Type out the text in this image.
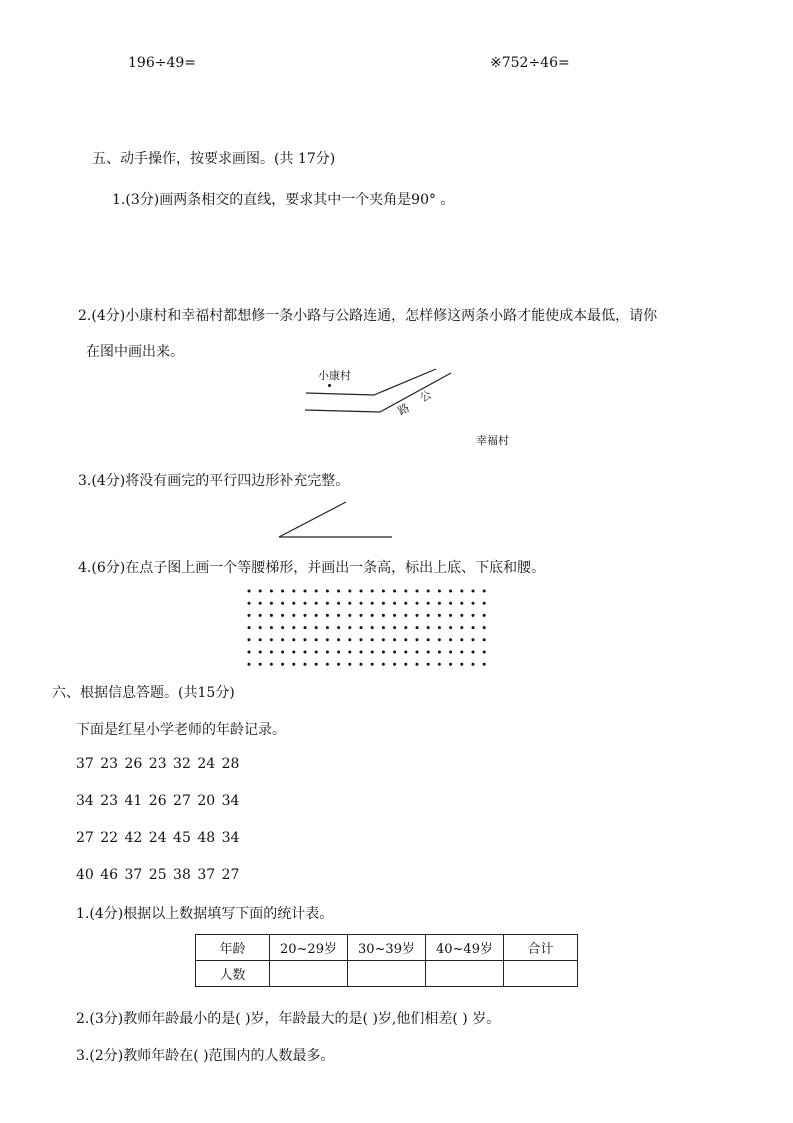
196÷49=	※752÷46=
五、动手操作，按要求画图。(共 17分)
1.(3分)画两条相交的直线，要求其中一个夹角是90° 。
2.(4分)小康村和幸福村都想修一条小路与公路连通，怎样修这两条小路才能使成本最低，请你
在图中画出来。
小康村
幸福村
公
路
3.(4分)将没有画完的平行四边形补充完整。
4.(6分)在点子图上画一个等腰梯形，并画出一条高，标出上底、下底和腰。
六、根据信息答题。(共15分)
下面是红星小学老师的年龄记录。
37 23 26 23 32 24 28
34 23 41 26 27 20 34
27 22 42 24 45 48 34
40 46 37 25 38 37 27
1.(4分)根据以上数据填写下面的统计表。
年龄	20~29岁	30~39岁	40~49岁	合计
人数				
2.(3分)教师年龄最小的是( )岁，年龄最大的是( )岁,他们相差( ) 岁。
3.(2分)教师年龄在( )范围内的人数最多。
